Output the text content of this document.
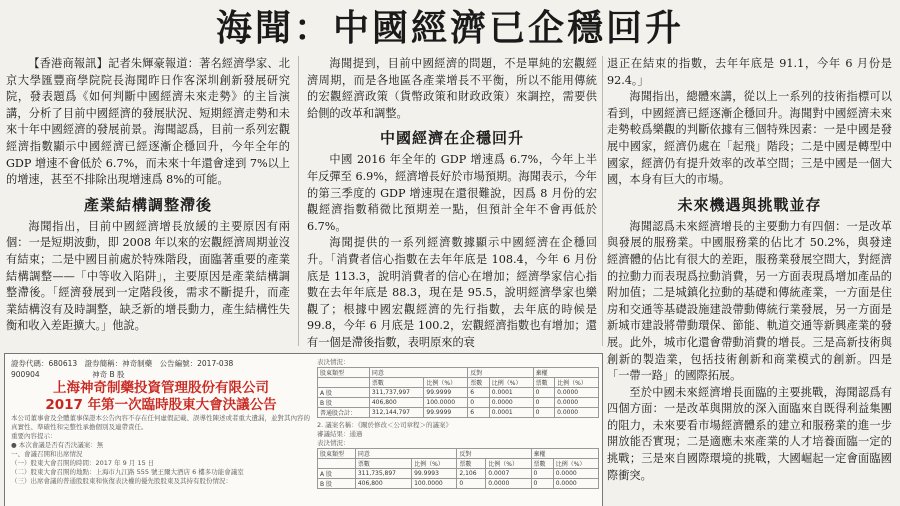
海聞：中國經濟已企穩回升

【香港商報訊】記者朱輝豪報道：著名經濟學家、北京大學匯豐商學院院長海聞昨日作客深圳創新發展研究院，發表題爲《如何判斷中國經濟未來走勢》的主旨演講，分析了目前中國經濟的發展狀況、短期經濟走勢和未來十年中國經濟的發展前景。海聞認爲，目前一系列宏觀經濟指數顯示中國經濟已經逐漸企穩回升，今年全年的 GDP 增速不會低於 6.7%，而未來十年還會達到 7%以上的增速，甚至不排除出現增速爲 8%的可能。

產業結構調整滯後

海聞指出，目前中國經濟增長放緩的主要原因有兩個：一是短期波動，即 2008 年以來的宏觀經濟周期並沒有結束；二是中國目前處於特殊階段，面臨著重要的產業結構調整——「中等收入陷阱」，主要原因是產業結構調整滯後。「經濟發展到一定階段後，需求不斷提升，而產業結構沒有及時調整，缺乏新的增長動力，產生結構性失衡和收入差距擴大。」他說。

海聞提到，目前中國經濟的問題，不是單純的宏觀經濟周期，而是各地區各產業增長不平衡，所以不能用傳統的宏觀經濟政策（貨幣政策和財政政策）來調控，需要供給側的改革和調整。

中國經濟在企穩回升

中國 2016 年全年的 GDP 增速爲 6.7%，今年上半年反彈至 6.9%，經濟增長好於市場預期。海聞表示，今年的第三季度的 GDP 增速現在還很難說，因爲 8 月份的宏觀經濟指數稍微比預期差一點，但預計全年不會再低於 6.7%。

海聞提供的一系列經濟數據顯示中國經濟在企穩回升。「消費者信心指數在去年年底是 108.4，今年 6 月份底是 113.3，說明消費者的信心在增加；經濟學家信心指數在去年年底是 88.3，現在是 95.5，說明經濟學家也樂觀了；根據中國宏觀經濟的先行指數，去年底的時候是 99.8，今年 6 月底是 100.2，宏觀經濟指數也有增加；還有一個是滯後指數，表明原來的衰

退正在結束的指數，去年年底是 91.1，今年 6 月份是 92.4。」

海聞指出，總體來講，從以上一系列的技術指標可以看到，中國經濟已經逐漸企穩回升。海聞對中國經濟未來走勢較爲樂觀的判斷依據有三個特殊因素：一是中國是發展中國家，經濟仍處在「起飛」階段；二是中國是轉型中國家，經濟仍有提升效率的改革空間；三是中國是一個大國，本身有巨大的市場。

未來機遇與挑戰並存

海聞認爲未來經濟增長的主要動力有四個：一是改革與發展的服務業。中國服務業的佔比才 50.2%，與發達經濟體的佔比有很大的差距，服務業發展空間大，對經濟的拉動力而表現爲拉動消費，另一方面表現爲增加產品的附加值；二是城鎮化拉動的基礎和傳統產業，一方面是住房和交通等基礎設施建設帶動傳統行業發展，另一方面是新城市建設將帶動環保、節能、軌道交通等新興產業的發展。此外，城市化還會帶動消費的增長。三是高新技術與創新的製造業，包括技術創新和商業模式的創新。四是「一帶一路」的國際拓展。

至於中國未來經濟增長面臨的主要挑戰，海聞認爲有四個方面：一是改革與開放的深入面臨來自既得利益集團的阻力，未來要看市場經濟體系的建立和服務業的進一步開放能否實現；二是適應未來產業的人才培養面臨一定的挑戰；三是來自國際環境的挑戰，大國崛起一定會面臨國際衝突。

證券代碼：680613　證券簡稱：神奇制藥　公告編號：2017-038
900904　　　　　　　神奇 B 股
上海神奇制藥投資管理股份有限公司
2017 年第一次臨時股東大會決議公告
本公司董事會及全體董事保證本公告內容不存在任何虛假記載、誤導性陳述或者重大遺漏，並對其內容的真實性、準確性和完整性承擔個別及連帶責任。
重要內容提示：
● 本次會議是否有否決議案：無
一、會議召開和出席情況
（一）股東大會召開的時間：2017 年 9 月 15 日
（二）股東大會召開的地點：上海市九江路 555 號王爾大酒店 6 樓多功能會議室
（三）出席會議的普通股股東和恢復表決權的優先股股東及其持有股份情況：
表決情況：
股東類型	同意		反對		棄權	
	票數	比例（%）	票數	比例（%）	票數	比例（%）
A 股	311,737,997	99.9999	6	0.0001	0	0.0000
B 股	406,800	100.0000	0	0.0000	0	0.0000
普通股合計：	312,144,797	99.9999	6	0.0001	0	0.0000
2. 議案名稱：《關於修改＜公司章程＞的議案》
審議結果：通過
表決情況：
股東類型	同意		反對		棄權	
	票數	比例（%）	票數	比例（%）	票數	比例（%）
A 股	311,735,897	99.9993	2,106	0.0007	0	0.0000
B 股	406,800	100.0000	0	0.0000	0	0.0000
